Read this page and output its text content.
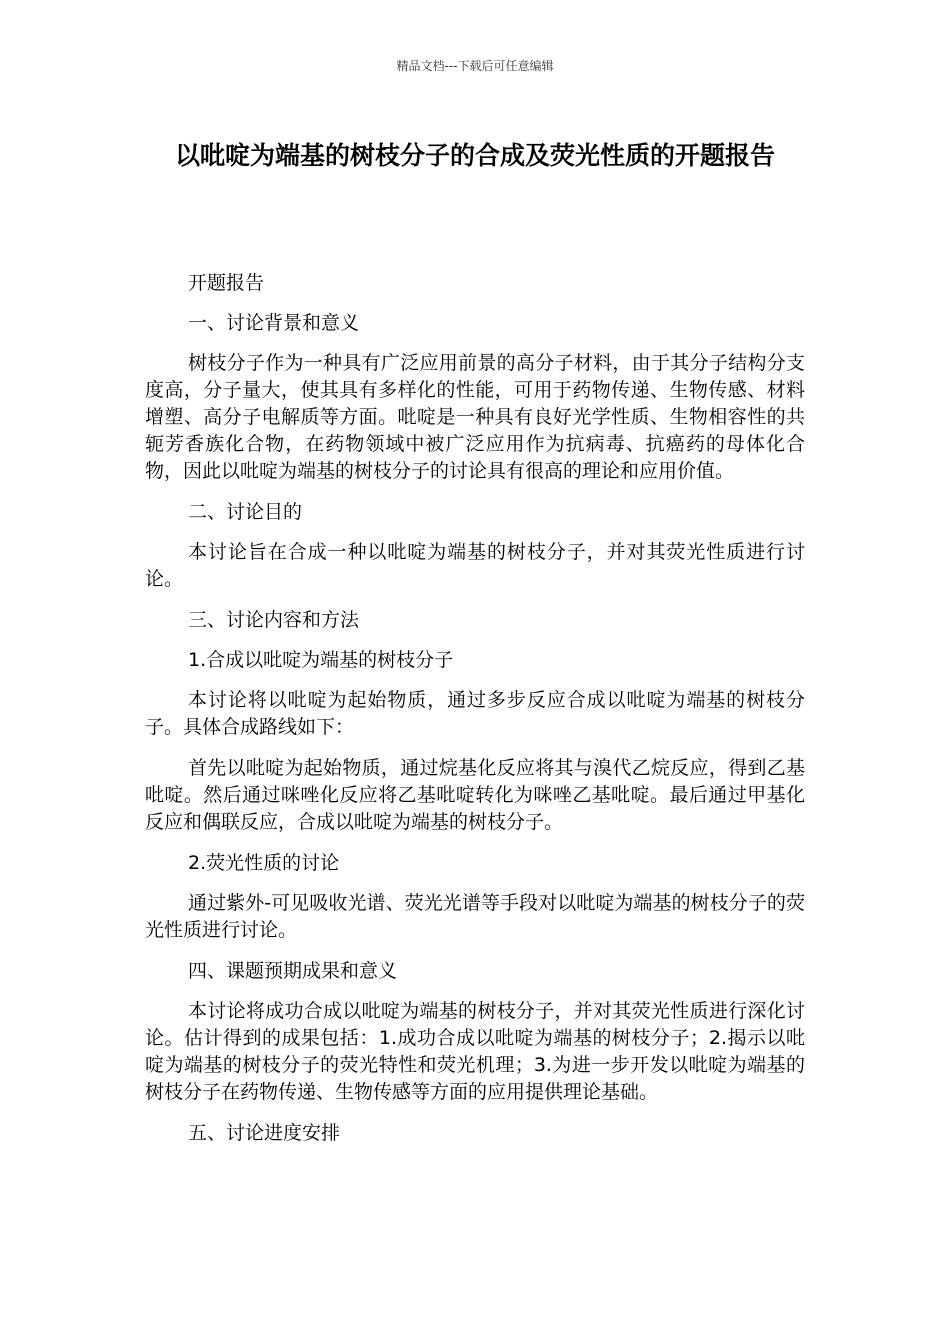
精品文档---下载后可任意编辑
以吡啶为端基的树枝分子的合成及荧光性质的开题报告

开题报告

一、讨论背景和意义

树枝分子作为一种具有广泛应用前景的高分子材料，由于其分子结构分支度高，分子量大，使其具有多样化的性能，可用于药物传递、生物传感、材料增塑、高分子电解质等方面。吡啶是一种具有良好光学性质、生物相容性的共轭芳香族化合物，在药物领域中被广泛应用作为抗病毒、抗癌药的母体化合物，因此以吡啶为端基的树枝分子的讨论具有很高的理论和应用价值。

二、讨论目的

本讨论旨在合成一种以吡啶为端基的树枝分子，并对其荧光性质进行讨论。

三、讨论内容和方法

1.合成以吡啶为端基的树枝分子

本讨论将以吡啶为起始物质，通过多步反应合成以吡啶为端基的树枝分子。具体合成路线如下：

首先以吡啶为起始物质，通过烷基化反应将其与溴代乙烷反应，得到乙基吡啶。然后通过咪唑化反应将乙基吡啶转化为咪唑乙基吡啶。最后通过甲基化反应和偶联反应，合成以吡啶为端基的树枝分子。

2.荧光性质的讨论

通过紫外-可见吸收光谱、荧光光谱等手段对以吡啶为端基的树枝分子的荧光性质进行讨论。

四、课题预期成果和意义

本讨论将成功合成以吡啶为端基的树枝分子，并对其荧光性质进行深化讨论。估计得到的成果包括：1.成功合成以吡啶为端基的树枝分子；2.揭示以吡啶为端基的树枝分子的荧光特性和荧光机理；3.为进一步开发以吡啶为端基的树枝分子在药物传递、生物传感等方面的应用提供理论基础。

五、讨论进度安排
